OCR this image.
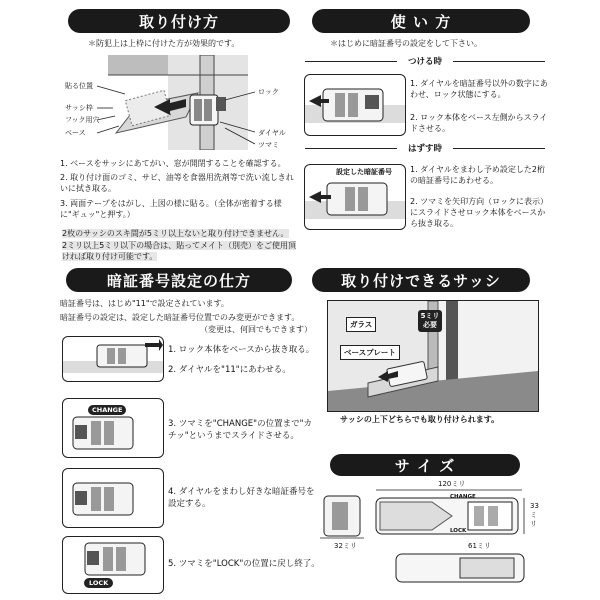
取り付け方
＊防犯上は上枠に付けた方が効果的です。
貼る位置
サッシ枠
フック用穴
ベース
ロック
ダイヤル
ツマミ
1. ベースをサッシにあてがい、窓が開閉することを確認する。
2. 取り付け面のゴミ、サビ、油等を食器用洗剤等で洗い流しきれいに拭き取る。
3. 両面テープをはがし、上図の様に貼る。（全体が密着する様に"ギュッ"と押す。）
2枚のサッシのスキ間が5ミリ以上ないと取り付けできません。
2ミリ以上5ミリ以下の場合は、貼ってメイト（別売）をご使用頂ければ取り付け可能です。
使 い 方
＊はじめに暗証番号の設定をして下さい。
つける時
1. ダイヤルを暗証番号以外の数字にあわせ、ロック状態にする。
2. ロック本体をベース左側からスライドさせる。
はずす時
設定した暗証番号 1. ダイヤルをまわし予め設定した2桁の暗証番号にあわせる。
2. ツマミを矢印方向（ロックに表示）にスライドさせロック本体をベースから抜き取る。
暗証番号設定の仕方
暗証番号は、はじめ"11"で設定されています。
暗証番号の設定は、設定した暗証番号位置でのみ変更ができます。
（変更は、何回でもできます）
1. ロック本体をベースから抜き取る。
2. ダイヤルを"11"にあわせる。
CHANGE
3. ツマミを"CHANGE"の位置まで"カチッ"というまでスライドさせる。
4. ダイヤルをまわし好きな暗証番号を設定する。
LOCK
5. ツマミを"LOCK"の位置に戻し終了。
取り付けできるサッシ
ガラス
ベースプレート
5ミリ必要
サッシの上下どちらでも取り付けられます。
サ イ ズ
32ミリ
120ミリ
33ミリ
CHANGE
LOCK
61ミリ
